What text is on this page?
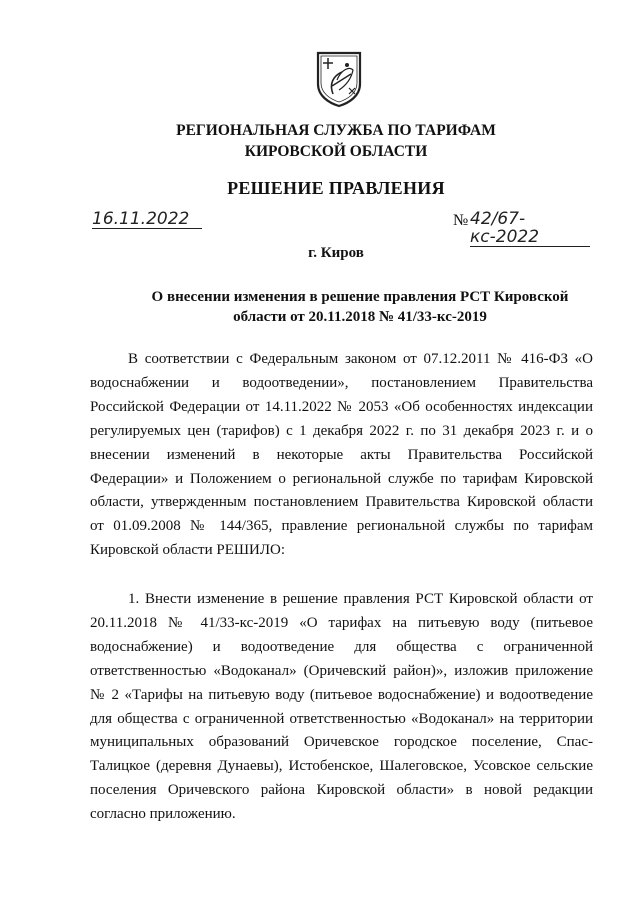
РЕГИОНАЛЬНАЯ СЛУЖБА ПО ТАРИФАМ
КИРОВСКОЙ ОБЛАСТИ
РЕШЕНИЕ ПРАВЛЕНИЯ
16.11.2022	№ 42/67-кс-2022
г. Киров
О внесении изменения в решение правления РСТ Кировской области от 20.11.2018 № 41/33-кс-2019

В соответствии с Федеральным законом от 07.12.2011 № 416-ФЗ «О водоснабжении и водоотведении», постановлением Правительства Российской Федерации от 14.11.2022 № 2053 «Об особенностях индексации регулируемых цен (тарифов) с 1 декабря 2022 г. по 31 декабря 2023 г. и о внесении изменений в некоторые акты Правительства Российской Федерации» и Положением о региональной службе по тарифам Кировской области, утвержденным постановлением Правительства Кировской области от 01.09.2008 № 144/365, правление региональной службы по тарифам Кировской области РЕШИЛО:

1. Внести изменение в решение правления РСТ Кировской области от 20.11.2018 № 41/33-кс-2019 «О тарифах на питьевую воду (питьевое водоснабжение) и водоотведение для общества с ограниченной ответственностью «Водоканал» (Оричевский район)», изложив приложение № 2 «Тарифы на питьевую воду (питьевое водоснабжение) и водоотведение для общества с ограниченной ответственностью «Водоканал» на территории муниципальных образований Оричевское городское поселение, Спас-Талицкое (деревня Дунаевы), Истобенское, Шалеговское, Усовское сельские поселения Оричевского района Кировской области» в новой редакции согласно приложению.
